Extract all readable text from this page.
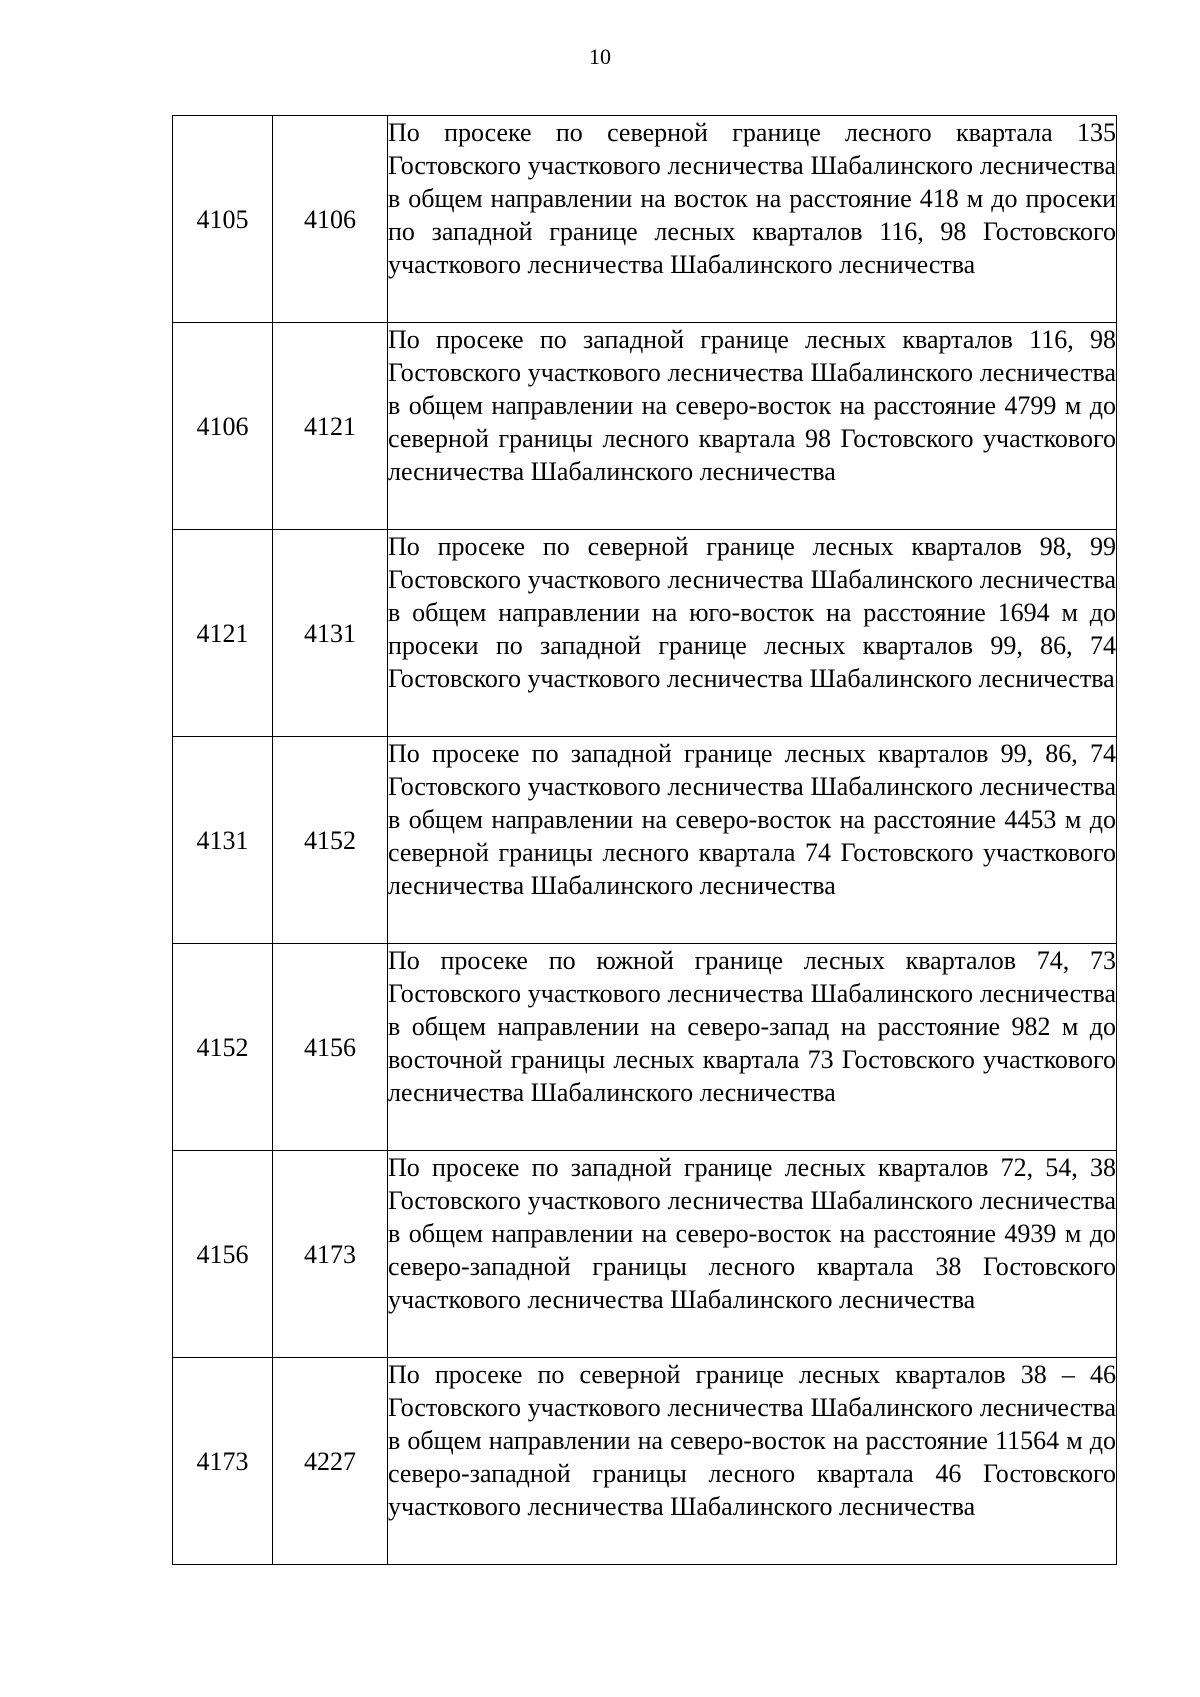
10
4105	4106	По просеке по северной границе лесного квартала 135 Гостовского участкового лесничества Шабалинского лесничества в общем направлении на восток на расстояние 418 м до просеки по западной границе лесных кварталов 116, 98 Гостовского участкового лесничества Шабалинского лесничества
4106	4121	По просеке по западной границе лесных кварталов 116, 98 Гостовского участкового лесничества Шабалинского лесничества в общем направлении на северо-восток на расстояние 4799 м до северной границы лесного квартала 98 Гостовского участкового лесничества Шабалинского лесничества
4121	4131	По просеке по северной границе лесных кварталов 98, 99 Гостовского участкового лесничества Шабалинского лесничества в общем направлении на юго-восток на расстояние 1694 м до просеки по западной границе лесных кварталов 99, 86, 74 Гостовского участкового лесничества Шабалинского лесничества
4131	4152	По просеке по западной границе лесных кварталов 99, 86, 74 Гостовского участкового лесничества Шабалинского лесничества в общем направлении на северо-восток на расстояние 4453 м до северной границы лесного квартала 74 Гостовского участкового лесничества Шабалинского лесничества
4152	4156	По просеке по южной границе лесных кварталов 74, 73 Гостовского участкового лесничества Шабалинского лесничества в общем направлении на северо-запад на расстояние 982 м до восточной границы лесных квартала 73 Гостовского участкового лесничества Шабалинского лесничества
4156	4173	По просеке по западной границе лесных кварталов 72, 54, 38 Гостовского участкового лесничества Шабалинского лесничества в общем направлении на северо-восток на расстояние 4939 м до северо-западной границы лесного квартала 38 Гостовского участкового лесничества Шабалинского лесничества
4173	4227	По просеке по северной границе лесных кварталов 38 – 46 Гостовского участкового лесничества Шабалинского лесничества в общем направлении на северо-восток на расстояние 11564 м до северо-западной границы лесного квартала 46 Гостовского участкового лесничества Шабалинского лесничества
